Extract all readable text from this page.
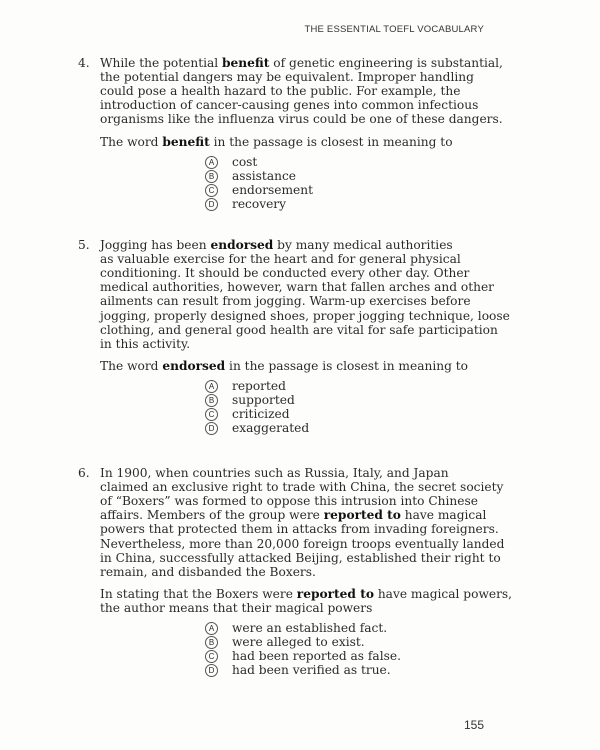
THE ESSENTIAL TOEFL VOCABULARY
4. While the potential benefit of genetic engineering is substantial,
the potential dangers may be equivalent. Improper handling
could pose a health hazard to the public. For example, the
introduction of cancer-causing genes into common infectious
organisms like the influenza virus could be one of these dangers.
The word benefit in the passage is closest in meaning to
A cost
B assistance
C endorsement
D recovery
5. Jogging has been endorsed by many medical authorities
as valuable exercise for the heart and for general physical
conditioning. It should be conducted every other day. Other
medical authorities, however, warn that fallen arches and other
ailments can result from jogging. Warm-up exercises before
jogging, properly designed shoes, proper jogging technique, loose
clothing, and general good health are vital for safe participation
in this activity.
The word endorsed in the passage is closest in meaning to
A reported
B supported
C criticized
D exaggerated
6. In 1900, when countries such as Russia, Italy, and Japan
claimed an exclusive right to trade with China, the secret society
of “Boxers” was formed to oppose this intrusion into Chinese
affairs. Members of the group were reported to have magical
powers that protected them in attacks from invading foreigners.
Nevertheless, more than 20,000 foreign troops eventually landed
in China, successfully attacked Beijing, established their right to
remain, and disbanded the Boxers.
In stating that the Boxers were reported to have magical powers,
the author means that their magical powers
A were an established fact.
B were alleged to exist.
C had been reported as false.
D had been verified as true.
155
